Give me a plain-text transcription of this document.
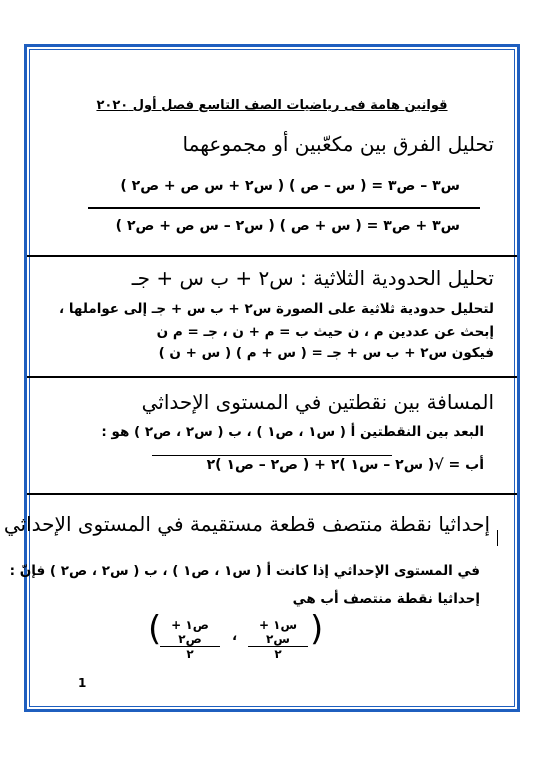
قوانين هامة فى رياضيات الصف التاسع فصل أول ٢٠٢٠
تحليل الفرق بين مكعّبين أو مجموعهما
س٣ – ص٣ = ( س – ص ) ( س٢ + س ص + ص٢ )
س٣ + ص٣ = ( س + ص ) ( س٢ – س ص + ص٢ )
تحليل الحدودية الثلاثية : س٢ + ب س + جـ
لتحليل حدودية ثلاثية على الصورة س٢ + ب س + جـ إلى عواملها ،
إبحث عن عددين م ، ن حيث ب = م + ن ، جـ = م ن
فيكون س٢ + ب س + جـ = ( س + م ) ( س + ن )
المسافة بين نقطتين في المستوى الإحداثي
البعد بين النقطتين أ ( س١ ، ص١ ) ، ب ( س٢ ، ص٢ ) هو :
أب = √( س٢ – س١ )٢ + ( ص٢ – ص١ )٢
إحداثيا نقطة منتصف قطعة مستقيمة في المستوى الإحداثي
في المستوى الإحداثي إذا كانت أ ( س١ ، ص١ ) ، ب ( س٢ ، ص٢ ) فإنّ :
إحداثيا نقطة منتصف أب هي
( ص١ + ص٢
٢
،
س١ + س٢
٢
)
1
